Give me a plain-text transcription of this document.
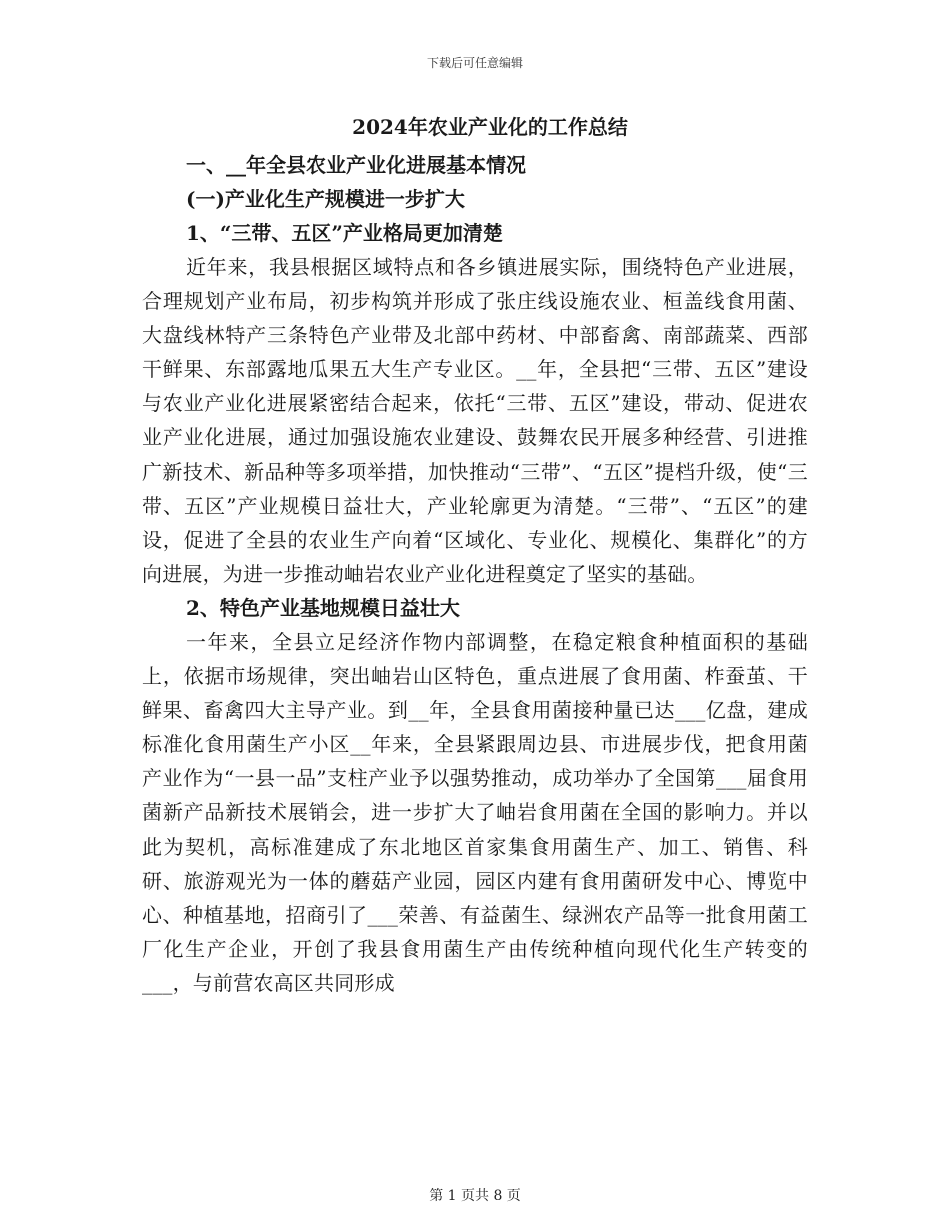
下载后可任意编辑
2024年农业产业化的工作总结
一、__年全县农业产业化进展基本情况
(一)产业化生产规模进一步扩大
1、“三带、五区”产业格局更加清楚

近年来，我县根据区域特点和各乡镇进展实际，围绕特色产业进展，合理规划产业布局，初步构筑并形成了张庄线设施农业、桓盖线食用菌、大盘线林特产三条特色产业带及北部中药材、中部畜禽、南部蔬菜、西部干鲜果、东部露地瓜果五大生产专业区。__年，全县把“三带、五区”建设与农业产业化进展紧密结合起来，依托“三带、五区”建设，带动、促进农业产业化进展，通过加强设施农业建设、鼓舞农民开展多种经营、引进推广新技术、新品种等多项举措，加快推动“三带”、“五区”提档升级，使“三带、五区”产业规模日益壮大，产业轮廓更为清楚。“三带”、“五区”的建设，促进了全县的农业生产向着“区域化、专业化、规模化、集群化”的方向进展，为进一步推动岫岩农业产业化进程奠定了坚实的基础。

2、特色产业基地规模日益壮大

一年来，全县立足经济作物内部调整，在稳定粮食种植面积的基础上，依据市场规律，突出岫岩山区特色，重点进展了食用菌、柞蚕茧、干鲜果、畜禽四大主导产业。到__年，全县食用菌接种量已达___亿盘，建成标准化食用菌生产小区__年来，全县紧跟周边县、市进展步伐，把食用菌产业作为“一县一品”支柱产业予以强势推动，成功举办了全国第___届食用菌新产品新技术展销会，进一步扩大了岫岩食用菌在全国的影响力。并以此为契机，高标准建成了东北地区首家集食用菌生产、加工、销售、科研、旅游观光为一体的蘑菇产业园，园区内建有食用菌研发中心、博览中心、种植基地，招商引了___荣善、有益菌生、绿洲农产品等一批食用菌工厂化生产企业，开创了我县食用菌生产由传统种植向现代化生产转变的___，与前营农高区共同形成

第 1 页共 8 页
